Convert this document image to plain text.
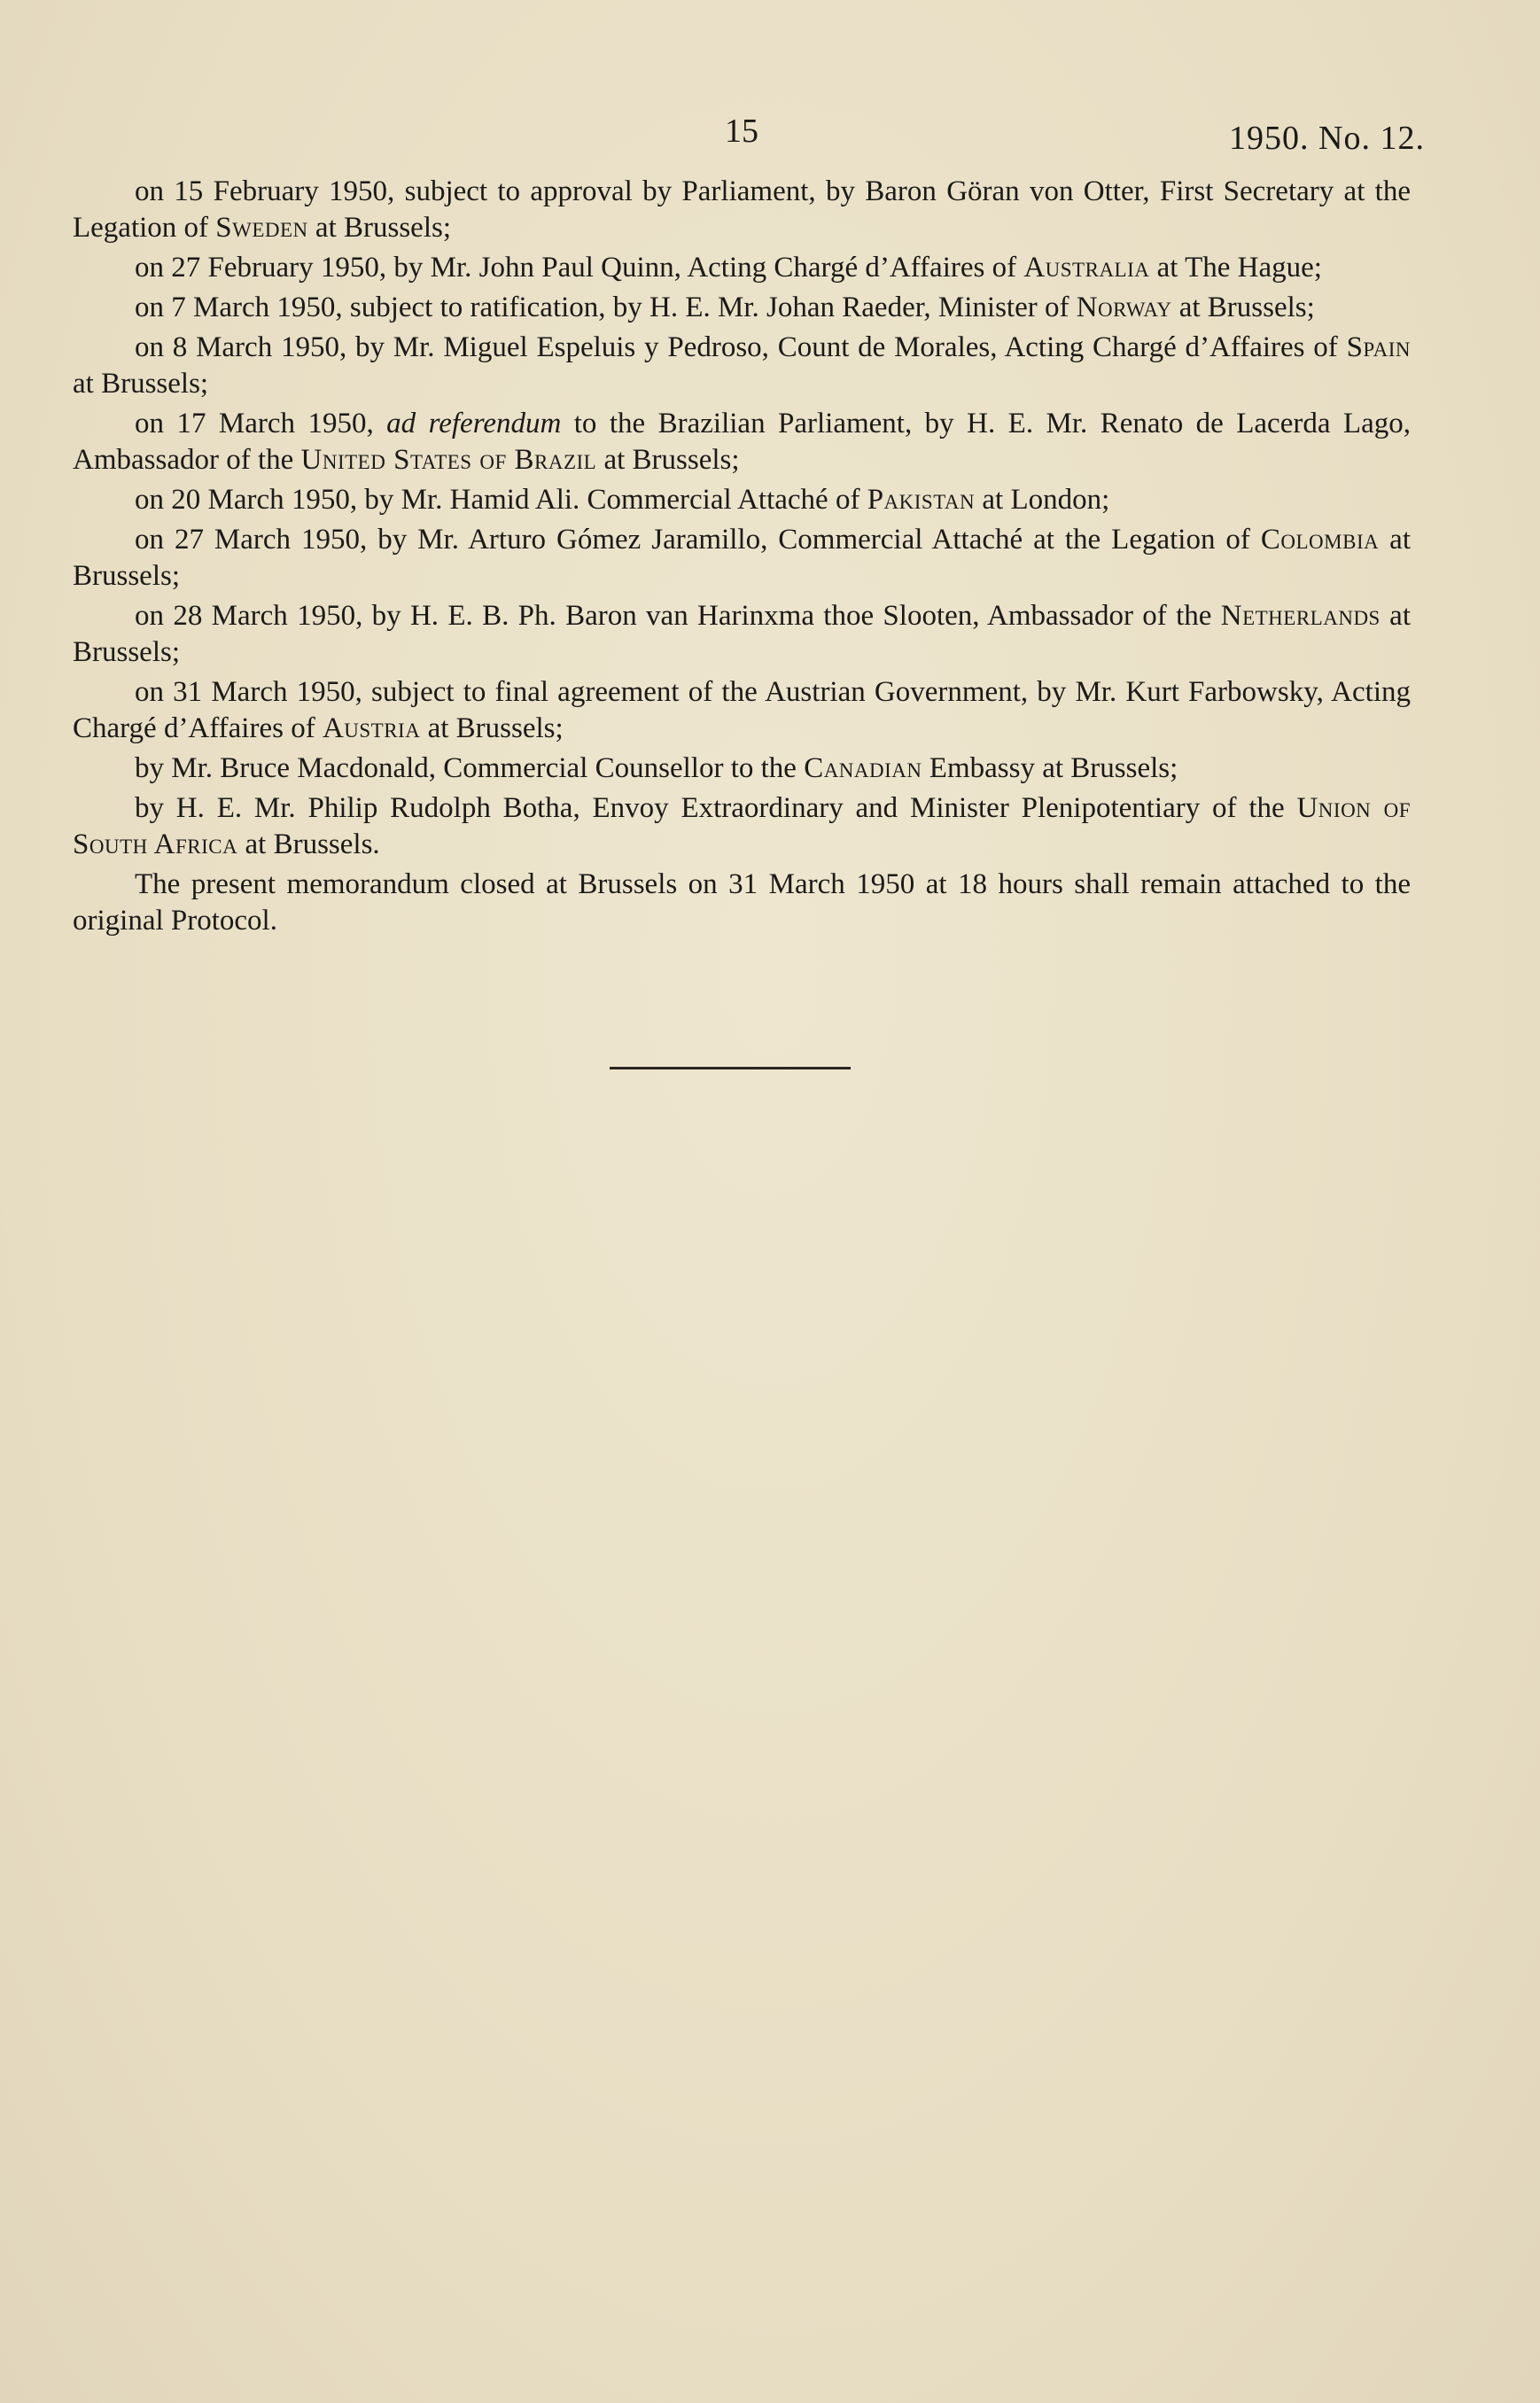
15	1950. No. 12.

on 15 February 1950, subject to approval by Parliament, by Baron Göran von Otter, First Secretary at the Legation of Sweden at Brussels;

on 27 February 1950, by Mr. John Paul Quinn, Acting Chargé d’Affaires of Australia at The Hague;

on 7 March 1950, subject to ratification, by H. E. Mr. Johan Raeder, Minister of Norway at Brussels;

on 8 March 1950, by Mr. Miguel Espeluis y Pedroso, Count de Morales, Acting Chargé d’Affaires of Spain at Brussels;

on 17 March 1950, ad referendum to the Brazilian Parliament, by H. E. Mr. Renato de Lacerda Lago, Ambassador of the United States of Brazil at Brussels;

on 20 March 1950, by Mr. Hamid Ali. Commercial Attaché of Pakistan at London;

on 27 March 1950, by Mr. Arturo Gómez Jaramillo, Commercial Attaché at the Legation of Colombia at Brussels;

on 28 March 1950, by H. E. B. Ph. Baron van Harinxma thoe Slooten, Ambassador of the Netherlands at Brussels;

on 31 March 1950, subject to final agreement of the Austrian Government, by Mr. Kurt Farbowsky, Acting Chargé d’Affaires of Austria at Brussels;

by Mr. Bruce Macdonald, Commercial Counsellor to the Canadian Embassy at Brussels;

by H. E. Mr. Philip Rudolph Botha, Envoy Extraordinary and Minister Plenipotentiary of the Union of South Africa at Brussels.

The present memorandum closed at Brussels on 31 March 1950 at 18 hours shall remain attached to the original Protocol.
